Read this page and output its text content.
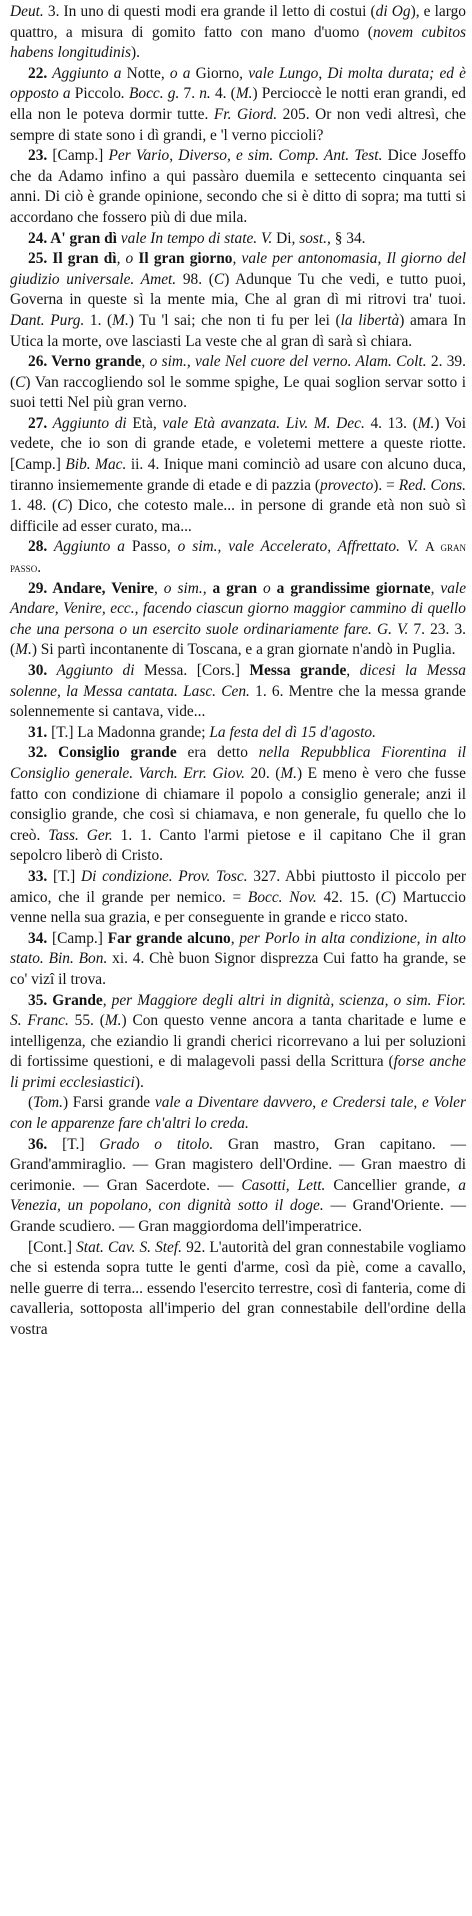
Deut. 3. In uno di questi modi era grande il letto di costui (di Og), e largo quattro, a misura di gomito fatto con mano d'uomo (novem cubitos habens longitudinis).

22. Aggiunto a Notte, o a Giorno, vale Lungo, Di molta durata; ed è opposto a Piccolo. Bocc. g. 7. n. 4. (M.) Percioccè le notti eran grandi, ed ella non le poteva dormir tutte. Fr. Giord. 205. Or non vedi altresì, che sempre di state sono i dì grandi, e 'l verno piccioli?

23. [Camp.] Per Vario, Diverso, e sim. Comp. Ant. Test. Dice Joseffo che da Adamo infino a qui passàro duemila e settecento cinquanta sei anni. Di ciò è grande opinione, secondo che si è ditto di sopra; ma tutti si accordano che fossero più di due mila.

24. A' gran dì vale In tempo di state. V. Di, sost., § 34.

25. Il gran dì, o Il gran giorno, vale per antonomasia, Il giorno del giudizio universale. Amet. 98. (C) Adunque Tu che vedi, e tutto puoi, Governa in queste sì la mente mia, Che al gran dì mi ritrovi tra' tuoi. Dant. Purg. 1. (M.) Tu 'l sai; che non ti fu per lei (la libertà) amara In Utica la morte, ove lasciasti La veste che al gran dì sarà sì chiara.

26. Verno grande, o sim., vale Nel cuore del verno. Alam. Colt. 2. 39. (C) Van raccogliendo sol le somme spighe, Le quai soglion servar sotto i suoi tetti Nel più gran verno.

27. Aggiunto di Età, vale Età avanzata. Liv. M. Dec. 4. 13. (M.) Voi vedete, che io son di grande etade, e voletemi mettere a queste riotte. [Camp.] Bib. Mac. ii. 4. Inique mani cominciò ad usare con alcuno duca, tiranno insiememente grande di etade e di pazzia (provecto). = Red. Cons. 1. 48. (C) Dico, che cotesto male... in persone di grande età non suò sì difficile ad esser curato, ma...

28. Aggiunto a Passo, o sim., vale Accelerato, Affrettato. V. A gran passo.

29. Andare, Venire, o sim., a gran o a grandissime giornate, vale Andare, Venire, ecc., facendo ciascun giorno maggior cammino di quello che una persona o un esercito suole ordinariamente fare. G. V. 7. 23. 3. (M.) Si partì incontanente di Toscana, e a gran giornate n'andò in Puglia.

30. Aggiunto di Messa. [Cors.] Messa grande, dicesi la Messa solenne, la Messa cantata. Lasc. Cen. 1. 6. Mentre che la messa grande solennemente si cantava, vide...

31. [T.] La Madonna grande; La festa del dì 15 d'agosto.

32. Consiglio grande era detto nella Repubblica Fiorentina il Consiglio generale. Varch. Err. Giov. 20. (M.) E meno è vero che fusse fatto con condizione di chiamare il popolo a consiglio generale; anzi il consiglio grande, che così si chiamava, e non generale, fu quello che lo creò. Tass. Ger. 1. 1. Canto l'armi pietose e il capitano Che il gran sepolcro liberò di Cristo.

33. [T.] Di condizione. Prov. Tosc. 327. Abbi piuttosto il piccolo per amico, che il grande per nemico. = Bocc. Nov. 42. 15. (C) Martuccio venne nella sua grazia, e per conseguente in grande e ricco stato.

34. [Camp.] Far grande alcuno, per Porlo in alta condizione, in alto stato. Bin. Bon. xi. 4. Chè buon Signor disprezza Cui fatto ha grande, se co' vizî il trova.

35. Grande, per Maggiore degli altri in dignità, scienza, o sim. Fior. S. Franc. 55. (M.) Con questo venne ancora a tanta charitade e lume e intelligenza, che eziandio li grandi cherici ricorrevano a lui per soluzioni di fortissime questioni, e di malagevoli passi della Scrittura (forse anche li primi ecclesiastici).

(Tom.) Farsi grande vale a Diventare davvero, e Credersi tale, e Voler con le apparenze fare ch'altri lo creda.

36. [T.] Grado o titolo. Gran mastro, Gran capitano. — Grand'ammiraglio. — Gran magistero dell'Ordine. — Gran maestro di cerimonie. — Gran Sacerdote. — Casotti, Lett. Cancellier grande, a Venezia, un popolano, con dignità sotto il doge. — Grand'Oriente. — Grande scudiero. — Gran maggiordoma dell'imperatrice.

[Cont.] Stat. Cav. S. Stef. 92. L'autorità del gran connestabile vogliamo che si estenda sopra tutte le genti d'arme, così da piè, come a cavallo, nelle guerre di terra... essendo l'esercito terrestre, così di fanteria, come di cavalleria, sottoposta all'imperio del gran connestabile dell'ordine della vostra
